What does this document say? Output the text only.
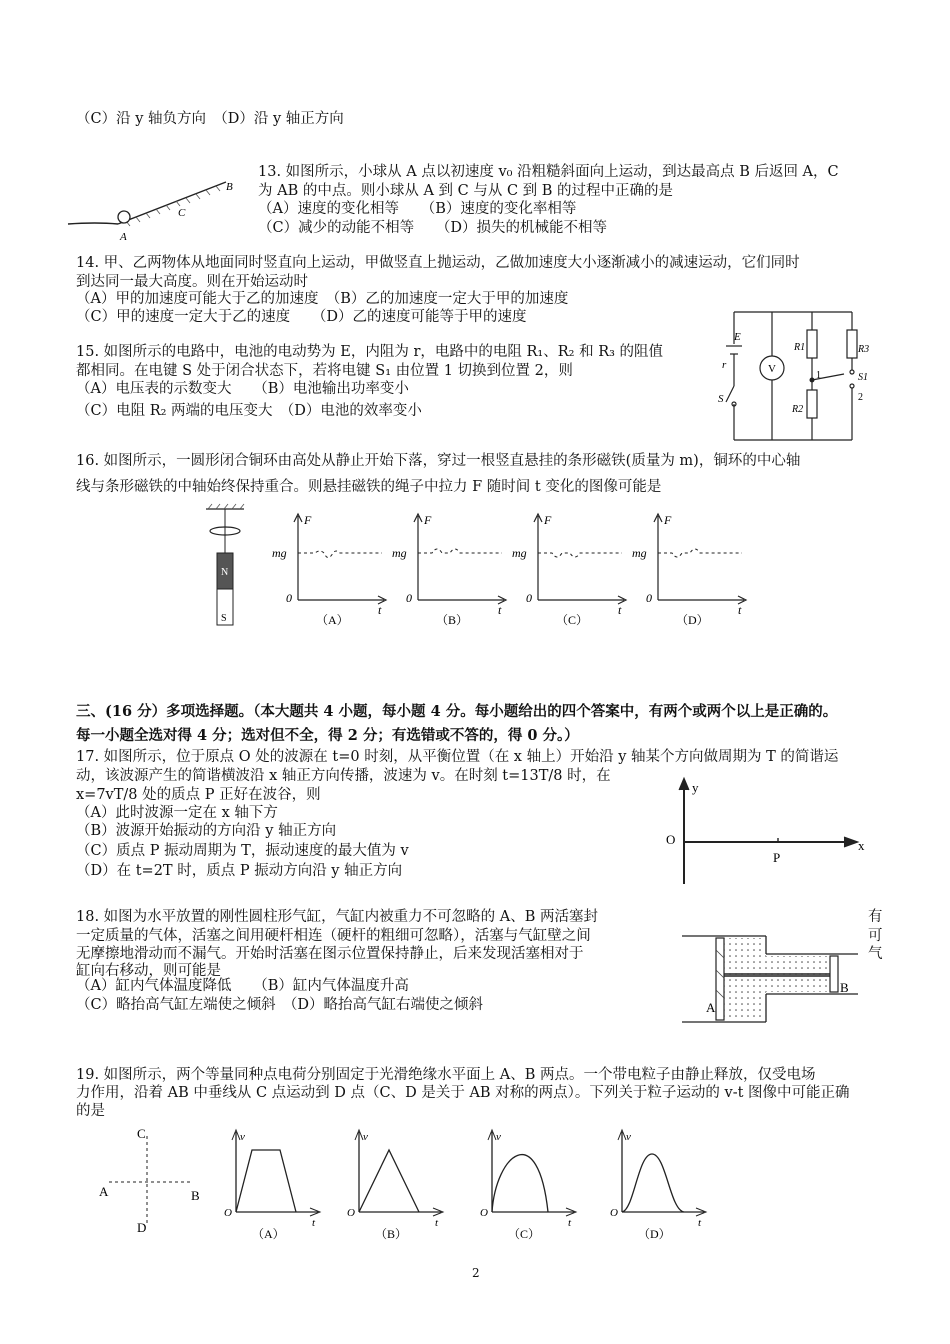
（C）沿 y 轴负方向　（D）沿 y 轴正方向
A
B
C
13. 如图所示，小球从 A 点以初速度 v₀ 沿粗糙斜面向上运动，到达最高点 B 后返回 A，C
为 AB 的中点。则小球从 A 到 C 与从 C 到 B 的过程中正确的是
（A）速度的变化相等　　（B）速度的变化率相等
（C）减少的动能不相等　　（D）损失的机械能不相等
14. 甲、乙两物体从地面同时竖直向上运动，甲做竖直上抛运动，乙做加速度大小逐渐减小的减速运动，它们同时
到达同一最大高度。则在开始运动时
（A）甲的加速度可能大于乙的加速度　（B）乙的加速度一定大于甲的加速度
（C）甲的速度一定大于乙的速度　　（D）乙的速度可能等于甲的速度
15. 如图所示的电路中，电池的电动势为 E，内阻为 r，电路中的电阻 R₁、R₂ 和 R₃ 的阻值
都相同。在电键 S 处于闭合状态下，若将电键 S₁ 由位置 1 切换到位置 2，则
（A）电压表的示数变大　　（B）电池输出功率变小
（C）电阻 R₂ 两端的电压变大　（D）电池的效率变小
E
r	V
R1	R3
1	S1
S
R2
2
16. 如图所示，一圆形闭合铜环由高处从静止开始下落，穿过一根竖直悬挂的条形磁铁(质量为 m)，铜环的中心轴
线与条形磁铁的中轴始终保持重合。则悬挂磁铁的绳子中拉力 F 随时间 t 变化的图像可能是
N
S
F
mg
0
t
（A）
F
mg
0
t
（B）
F
mg
0
t
（C）
F
mg
0
t
（D）
三、(16 分）多项选择题。（本大题共 4 小题，每小题 4 分。每小题给出的四个答案中，有两个或两个以上是正确的。
每一小题全选对得 4 分；选对但不全，得 2 分；有选错或不答的，得 0 分。）
17. 如图所示，位于原点 O 处的波源在 t=0 时刻，从平衡位置（在 x 轴上）开始沿 y 轴某个方向做周期为 T 的简谐运
动，该波源产生的简谐横波沿 x 轴正方向传播，波速为 v。在时刻 t=13T/8 时，在
x=7vT/8 处的质点 P 正好在波谷，则
（A）此时波源一定在 x 轴下方
（B）波源开始振动的方向沿 y 轴正方向
（C）质点 P 振动周期为 T，振动速度的最大值为 v
（D）在 t=2T 时，质点 P 振动方向沿 y 轴正方向
y
O
P
x
18. 如图为水平放置的刚性圆柱形气缸，气缸内被重力不可忽略的 A、B 两活塞封
一定质量的气体，活塞之间用硬杆相连（硬杆的粗细可忽略），活塞与气缸壁之间
无摩擦地滑动而不漏气。开始时活塞在图示位置保持静止，后来发现活塞相对于
缸向右移动，则可能是
（A）缸内气体温度降低　　（B）缸内气体温度升高
（C）略抬高气缸左端使之倾斜　（D）略抬高气缸右端使之倾斜
有
可
气
A
B
19. 如图所示，两个等量同种点电荷分别固定于光滑绝缘水平面上 A、B 两点。一个带电粒子由静止释放，仅受电场
力作用，沿着 AB 中垂线从 C 点运动到 D 点（C、D 是关于 AB 对称的两点）。下列关于粒子运动的 v-t 图像中可能正确
的是
C
A	B
D
v
O
t
（A）
v
O
t
（B）
v
O
t
（C）
v
O
t
（D）
2
